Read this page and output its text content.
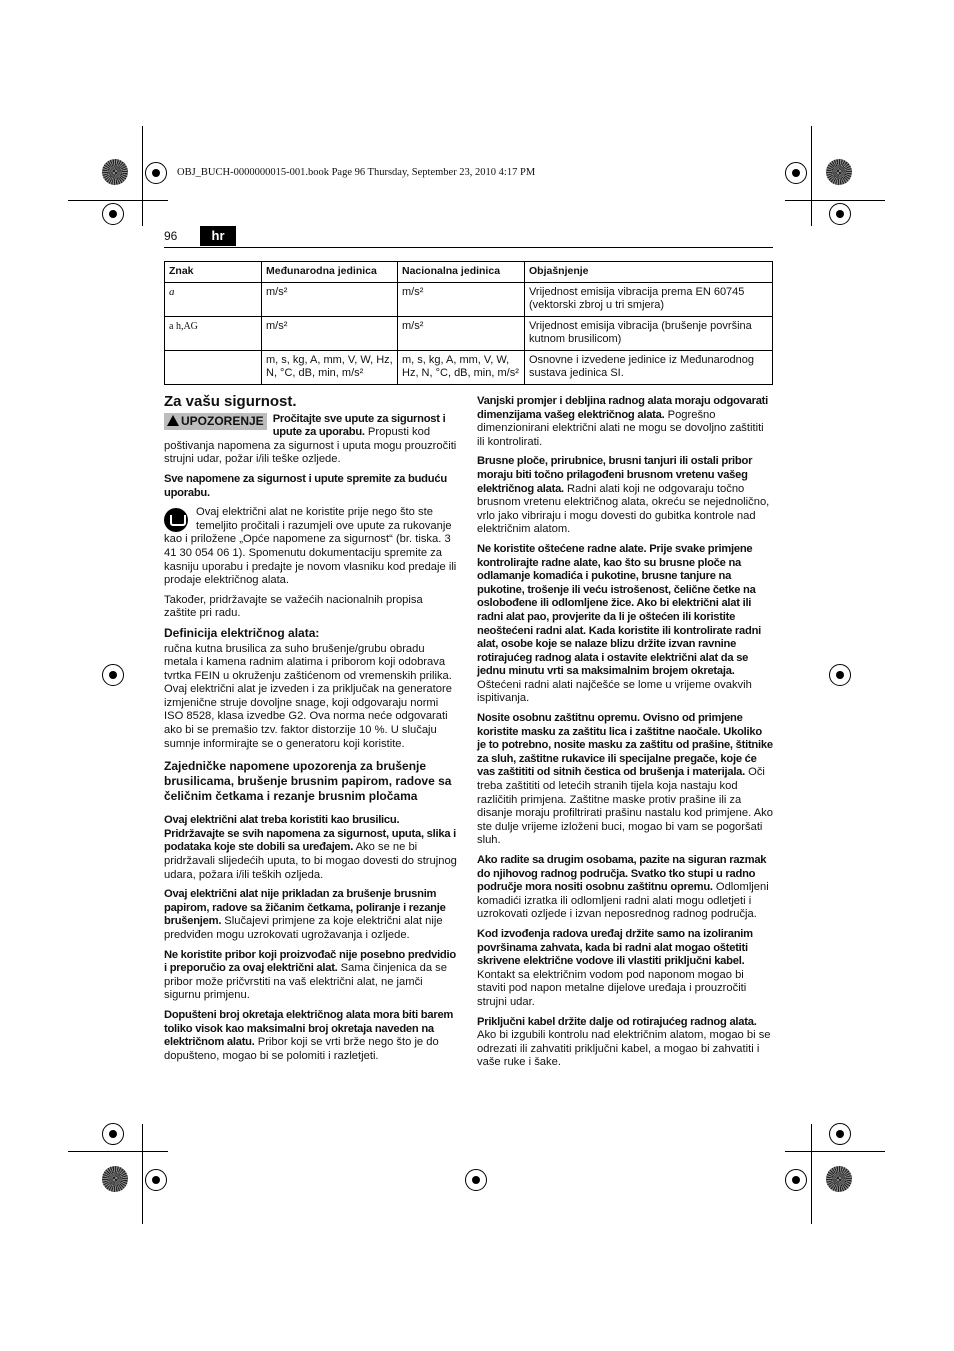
OBJ_BUCH-0000000015-001.book Page 96 Thursday, September 23, 2010 4:17 PM
96	hr
Znak	Međunarodna jedinica	Nacionalna jedinica	Objašnjenje
a	m/s²	m/s²	Vrijednost emisija vibracija prema EN 60745 (vektorski zbroj u tri smjera)
a h,AG	m/s²	m/s²	Vrijednost emisija vibracija (brušenje površina kutnom brusilicom)
	m, s, kg, A, mm, V, W, Hz, N, °C, dB, min, m/s²	m, s, kg, A, mm, V, W, Hz, N, °C, dB, min, m/s²	Osnovne i izvedene jedinice iz Međunarodnog sustava jedinica SI.
Za vašu sigurnost.

UPOZORENJE Pročitajte sve upute za sigurnost i upute za uporabu. Propusti kod poštivanja napomena za sigurnost i uputa mogu prouzročiti strujni udar, požar i/ili teške ozljede.

Sve napomene za sigurnost i upute spremite za buduću uporabu.

Ovaj električni alat ne koristite prije nego što ste temeljito pročitali i razumjeli ove upute za rukovanje kao i priložene „Opće napomene za sigurnost“ (br. tiska. 3 41 30 054 06 1). Spomenutu dokumentaciju spremite za kasniju uporabu i predajte je novom vlasniku kod predaje ili prodaje električnog alata.

Također, pridržavajte se važećih nacionalnih propisa zaštite pri radu.

Definicija električnog alata:

ručna kutna brusilica za suho brušenje/grubu obradu metala i kamena radnim alatima i priborom koji odobrava tvrtka FEIN u okruženju zaštićenom od vremenskih prilika.

Ovaj električni alat je izveden i za priključak na generatore izmjenične struje dovoljne snage, koji odgovaraju normi ISO 8528, klasa izvedbe G2. Ova norma neće odgovarati ako bi se premašio tzv. faktor distorzije 10 %. U slučaju sumnje informirajte se o generatoru koji koristite.

Zajedničke napomene upozorenja za brušenje brusilicama, brušenje brusnim papirom, radove sa čeličnim četkama i rezanje brusnim pločama

Ovaj električni alat treba koristiti kao brusilicu. Pridržavajte se svih napomena za sigurnost, uputa, slika i podataka koje ste dobili sa uređajem. Ako se ne bi pridržavali slijedećih uputa, to bi mogao dovesti do strujnog udara, požara i/ili teških ozljeda.

Ovaj električni alat nije prikladan za brušenje brusnim papirom, radove sa žičanim četkama, poliranje i rezanje brušenjem. Slučajevi primjene za koje električni alat nije predviđen mogu uzrokovati ugrožavanja i ozljede.

Ne koristite pribor koji proizvođač nije posebno predvidio i preporučio za ovaj električni alat. Sama činjenica da se pribor može pričvrstiti na vaš električni alat, ne jamči sigurnu primjenu.

Dopušteni broj okretaja električnog alata mora biti barem toliko visok kao maksimalni broj okretaja naveden na električnom alatu. Pribor koji se vrti brže nego što je do dopušteno, mogao bi se polomiti i razletjeti.

Vanjski promjer i debljina radnog alata moraju odgovarati dimenzijama vašeg električnog alata. Pogrešno dimenzionirani električni alati ne mogu se dovoljno zaštititi ili kontrolirati.

Brusne ploče, prirubnice, brusni tanjuri ili ostali pribor moraju biti točno prilagođeni brusnom vretenu vašeg električnog alata. Radni alati koji ne odgovaraju točno brusnom vretenu električnog alata, okreću se nejednolično, vrlo jako vibriraju i mogu dovesti do gubitka kontrole nad električnim alatom.

Ne koristite oštećene radne alate. Prije svake primjene kontrolirajte radne alate, kao što su brusne ploče na odlamanje komadića i pukotine, brusne tanjure na pukotine, trošenje ili veću istrošenost, čelične četke na oslobođene ili odlomljene žice. Ako bi električni alat ili radni alat pao, provjerite da li je oštećen ili koristite neoštećeni radni alat. Kada koristite ili kontrolirate radni alat, osobe koje se nalaze blizu držite izvan ravnine rotirajućeg radnog alata i ostavite električni alat da se jednu minutu vrti sa maksimalnim brojem okretaja. Oštećeni radni alati najčešće se lome u vrijeme ovakvih ispitivanja.

Nosite osobnu zaštitnu opremu. Ovisno od primjene koristite masku za zaštitu lica i zaštitne naočale. Ukoliko je to potrebno, nosite masku za zaštitu od prašine, štitnike za sluh, zaštitne rukavice ili specijalne pregače, koje će vas zaštititi od sitnih čestica od brušenja i materijala. Oči treba zaštititi od letećih stranih tijela koja nastaju kod različitih primjena. Zaštitne maske protiv prašine ili za disanje moraju profiltrirati prašinu nastalu kod primjene. Ako ste dulje vrijeme izloženi buci, mogao bi vam se pogoršati sluh.

Ako radite sa drugim osobama, pazite na siguran razmak do njihovog radnog područja. Svatko tko stupi u radno područje mora nositi osobnu zaštitnu opremu. Odlomljeni komadići izratka ili odlomljeni radni alati mogu odletjeti i uzrokovati ozljede i izvan neposrednog radnog područja.

Kod izvođenja radova uređaj držite samo na izoliranim površinama zahvata, kada bi radni alat mogao oštetiti skrivene električne vodove ili vlastiti priključni kabel. Kontakt sa električnim vodom pod naponom mogao bi staviti pod napon metalne dijelove uređaja i prouzročiti strujni udar.

Priključni kabel držite dalje od rotirajućeg radnog alata. Ako bi izgubili kontrolu nad električnim alatom, mogao bi se odrezati ili zahvatiti priključni kabel, a mogao bi zahvatiti i vaše ruke i šake.
